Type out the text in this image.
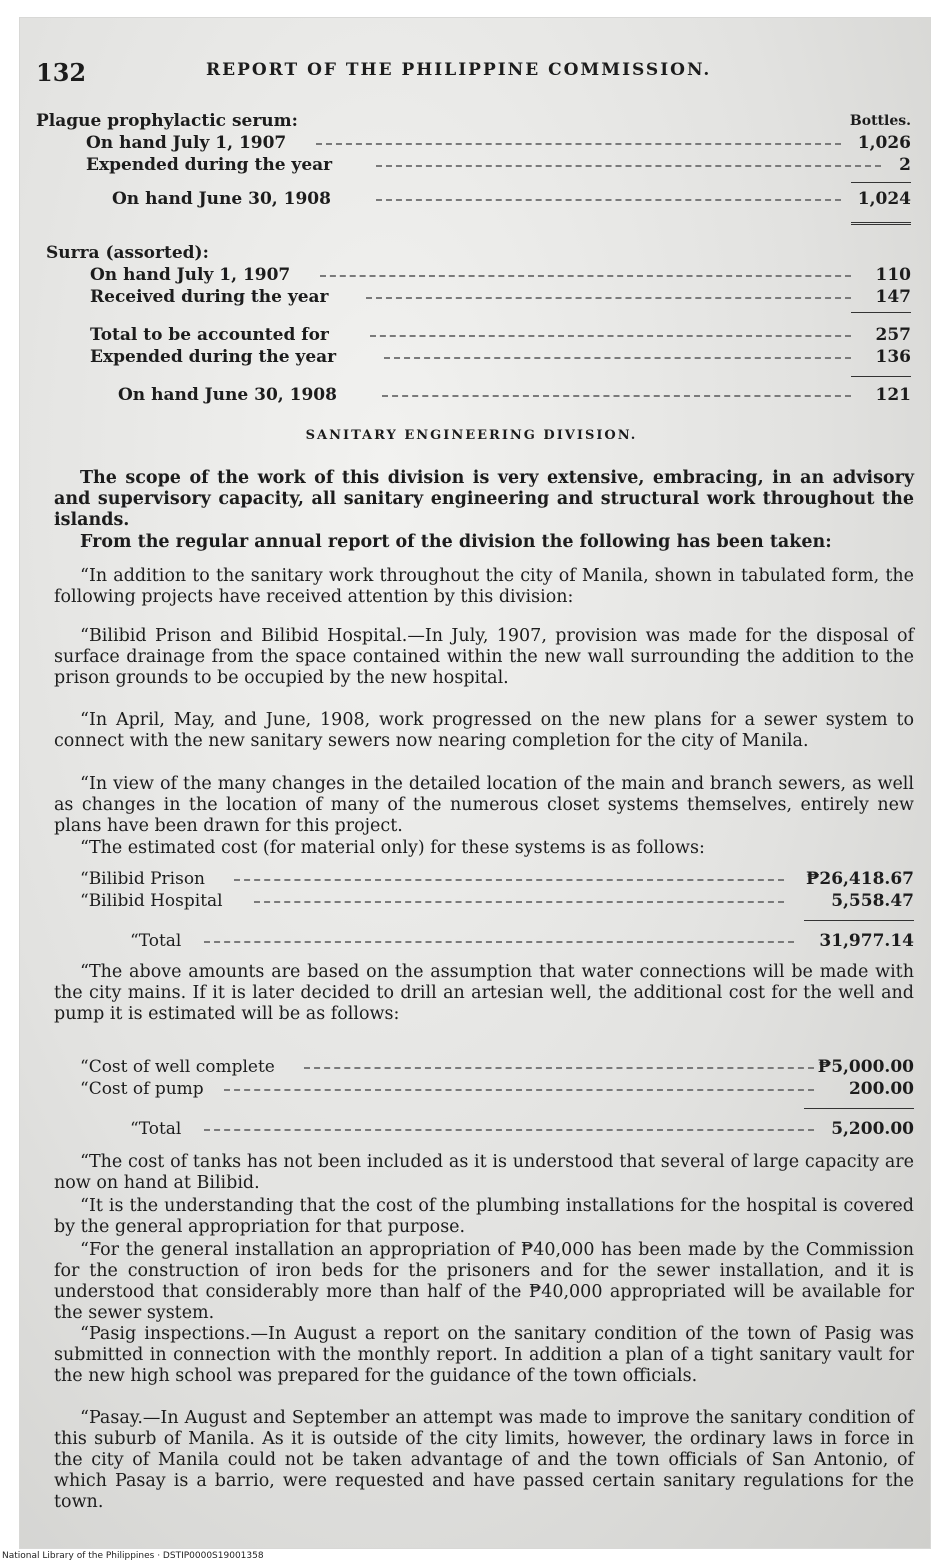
132	REPORT OF THE PHILIPPINE COMMISSION.
Plague prophylactic serum:	Bottles.
On hand July 1, 1907	1,026
Expended during the year	2
On hand June 30, 1908	1,024
Surra (assorted):
On hand July 1, 1907	110
Received during the year	147
Total to be accounted for	257
Expended during the year	136
On hand June 30, 1908	121
SANITARY ENGINEERING DIVISION.
The scope of the work of this division is very extensive, embracing, in an advisory and supervisory capacity, all sanitary engineering and structural work throughout the islands.
From the regular annual report of the division the following has been taken:
“In addition to the sanitary work throughout the city of Manila, shown in tabulated form, the following projects have received attention by this division:
“Bilibid Prison and Bilibid Hospital.—In July, 1907, provision was made for the disposal of surface drainage from the space contained within the new wall surrounding the addition to the prison grounds to be occupied by the new hospital.
“In April, May, and June, 1908, work progressed on the new plans for a sewer system to connect with the new sanitary sewers now nearing completion for the city of Manila.
“In view of the many changes in the detailed location of the main and branch sewers, as well as changes in the location of many of the numerous closet systems themselves, entirely new plans have been drawn for this project.
“The estimated cost (for material only) for these systems is as follows:
“Bilibid Prison	₱26,418.67
“Bilibid Hospital	5,558.47
“Total	31,977.14
“The above amounts are based on the assumption that water connections will be made with the city mains. If it is later decided to drill an artesian well, the additional cost for the well and pump it is estimated will be as follows:
“Cost of well complete	₱5,000.00
“Cost of pump	200.00
“Total	5,200.00
“The cost of tanks has not been included as it is understood that several of large capacity are now on hand at Bilibid.
“It is the understanding that the cost of the plumbing installations for the hospital is covered by the general appropriation for that purpose.
“For the general installation an appropriation of ₱40,000 has been made by the Commission for the construction of iron beds for the prisoners and for the sewer installation, and it is understood that considerably more than half of the ₱40,000 appropriated will be available for the sewer system.
“Pasig inspections.—In August a report on the sanitary condition of the town of Pasig was submitted in connection with the monthly report. In addition a plan of a tight sanitary vault for the new high school was prepared for the guidance of the town officials.
“Pasay.—In August and September an attempt was made to improve the sanitary condition of this suburb of Manila. As it is outside of the city limits, however, the ordinary laws in force in the city of Manila could not be taken advantage of and the town officials of San Antonio, of which Pasay is a barrio, were requested and have passed certain sanitary regulations for the town.
National Library of the Philippines · DSTIP0000S19001358
